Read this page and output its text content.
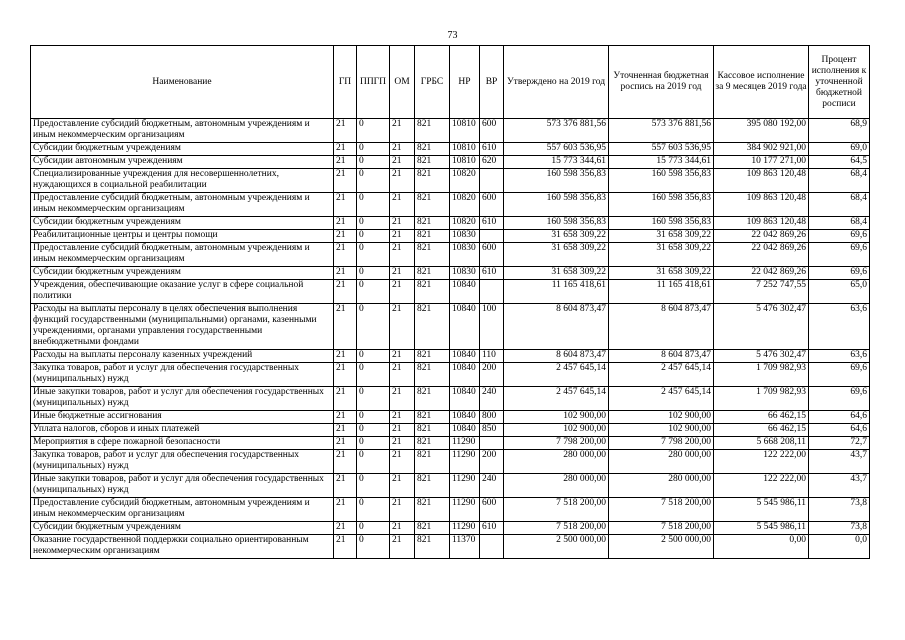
73
Наименование	ГП	ППГП	ОМ	ГРБС	НР	ВР	Утверждено на 2019 год	Уточненная бюджетная роспись на 2019 год	Кассовое исполнение за 9 месяцев 2019 года	Процент исполнения к уточненной бюджетной росписи
Предоставление субсидий бюджетным, автономным учреждениям и иным некоммерческим организациям	21	0	21	821	10810	600	573 376 881,56	573 376 881,56	395 080 192,00	68,9
Субсидии бюджетным учреждениям	21	0	21	821	10810	610	557 603 536,95	557 603 536,95	384 902 921,00	69,0
Субсидии автономным учреждениям	21	0	21	821	10810	620	15 773 344,61	15 773 344,61	10 177 271,00	64,5
Специализированные учреждения для несовершеннолетних, нуждающихся в социальной реабилитации	21	0	21	821	10820		160 598 356,83	160 598 356,83	109 863 120,48	68,4
Предоставление субсидий бюджетным, автономным учреждениям и иным некоммерческим организациям	21	0	21	821	10820	600	160 598 356,83	160 598 356,83	109 863 120,48	68,4
Субсидии бюджетным учреждениям	21	0	21	821	10820	610	160 598 356,83	160 598 356,83	109 863 120,48	68,4
Реабилитационные центры и центры помощи	21	0	21	821	10830		31 658 309,22	31 658 309,22	22 042 869,26	69,6
Предоставление субсидий бюджетным, автономным учреждениям и иным некоммерческим организациям	21	0	21	821	10830	600	31 658 309,22	31 658 309,22	22 042 869,26	69,6
Субсидии бюджетным учреждениям	21	0	21	821	10830	610	31 658 309,22	31 658 309,22	22 042 869,26	69,6
Учреждения, обеспечивающие оказание услуг в сфере социальной политики	21	0	21	821	10840		11 165 418,61	11 165 418,61	7 252 747,55	65,0
Расходы на выплаты персоналу в целях обеспечения выполнения функций государственными (муниципальными) органами, казенными учреждениями, органами управления государственными внебюджетными фондами	21	0	21	821	10840	100	8 604 873,47	8 604 873,47	5 476 302,47	63,6
Расходы на выплаты персоналу казенных учреждений	21	0	21	821	10840	110	8 604 873,47	8 604 873,47	5 476 302,47	63,6
Закупка товаров, работ и услуг для обеспечения государственных (муниципальных) нужд	21	0	21	821	10840	200	2 457 645,14	2 457 645,14	1 709 982,93	69,6
Иные закупки товаров, работ и услуг для обеспечения государственных (муниципальных) нужд	21	0	21	821	10840	240	2 457 645,14	2 457 645,14	1 709 982,93	69,6
Иные бюджетные ассигнования	21	0	21	821	10840	800	102 900,00	102 900,00	66 462,15	64,6
Уплата налогов, сборов и иных платежей	21	0	21	821	10840	850	102 900,00	102 900,00	66 462,15	64,6
Мероприятия в сфере пожарной безопасности	21	0	21	821	11290		7 798 200,00	7 798 200,00	5 668 208,11	72,7
Закупка товаров, работ и услуг для обеспечения государственных (муниципальных) нужд	21	0	21	821	11290	200	280 000,00	280 000,00	122 222,00	43,7
Иные закупки товаров, работ и услуг для обеспечения государственных (муниципальных) нужд	21	0	21	821	11290	240	280 000,00	280 000,00	122 222,00	43,7
Предоставление субсидий бюджетным, автономным учреждениям и иным некоммерческим организациям	21	0	21	821	11290	600	7 518 200,00	7 518 200,00	5 545 986,11	73,8
Субсидии бюджетным учреждениям	21	0	21	821	11290	610	7 518 200,00	7 518 200,00	5 545 986,11	73,8
Оказание государственной поддержки социально ориентированным некоммерческим организациям	21	0	21	821	11370		2 500 000,00	2 500 000,00	0,00	0,0
